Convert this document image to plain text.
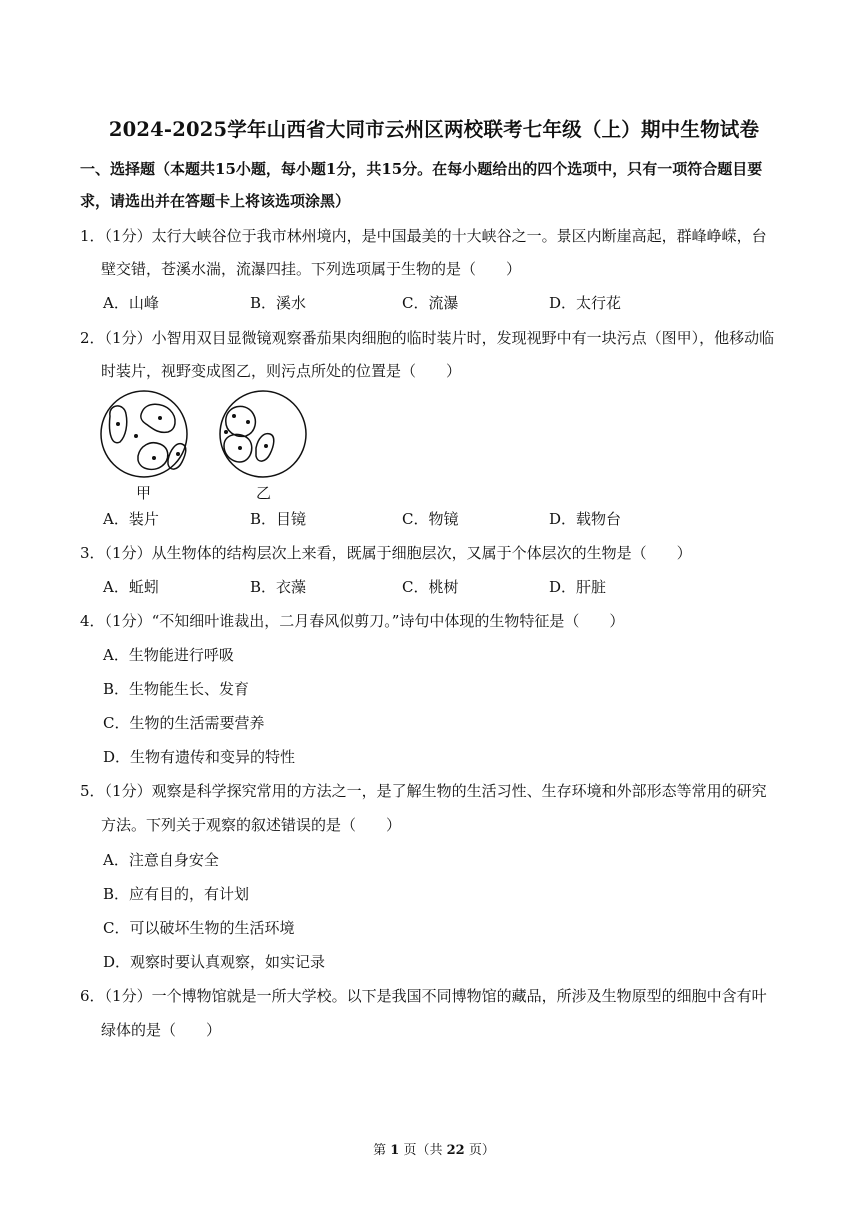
2024-2025学年山西省大同市云州区两校联考七年级（上）期中生物试卷
一、选择题（本题共15小题，每小题1分，共15分。在每小题给出的四个选项中，只有一项符合题目要
求，请选出并在答题卡上将该选项涂黑）
1．（1分）太行大峡谷位于我市林州境内，是中国最美的十大峡谷之一。景区内断崖高起，群峰峥嵘，台
壁交错，苍溪水湍，流瀑四挂。下列选项属于生物的是（　　）
A．山峰	B．溪水	C．流瀑	D．太行花
2．（1分）小智用双目显微镜观察番茄果肉细胞的临时装片时，发现视野中有一块污点（图甲），他移动临
时装片，视野变成图乙，则污点所处的位置是（　　）
甲	乙
A．装片	B．目镜	C．物镜	D．载物台
3．（1分）从生物体的结构层次上来看，既属于细胞层次，又属于个体层次的生物是（　　）
A．蚯蚓	B．衣藻	C．桃树	D．肝脏
4．（1分）“不知细叶谁裁出，二月春风似剪刀。”诗句中体现的生物特征是（　　）
A．生物能进行呼吸
B．生物能生长、发育
C．生物的生活需要营养
D．生物有遗传和变异的特性
5．（1分）观察是科学探究常用的方法之一，是了解生物的生活习性、生存环境和外部形态等常用的研究
方法。下列关于观察的叙述错误的是（　　）
A．注意自身安全
B．应有目的，有计划
C．可以破坏生物的生活环境
D．观察时要认真观察，如实记录
6．（1分）一个博物馆就是一所大学校。以下是我国不同博物馆的藏品，所涉及生物原型的细胞中含有叶
绿体的是（　　）
第 1 页（共 22 页）
